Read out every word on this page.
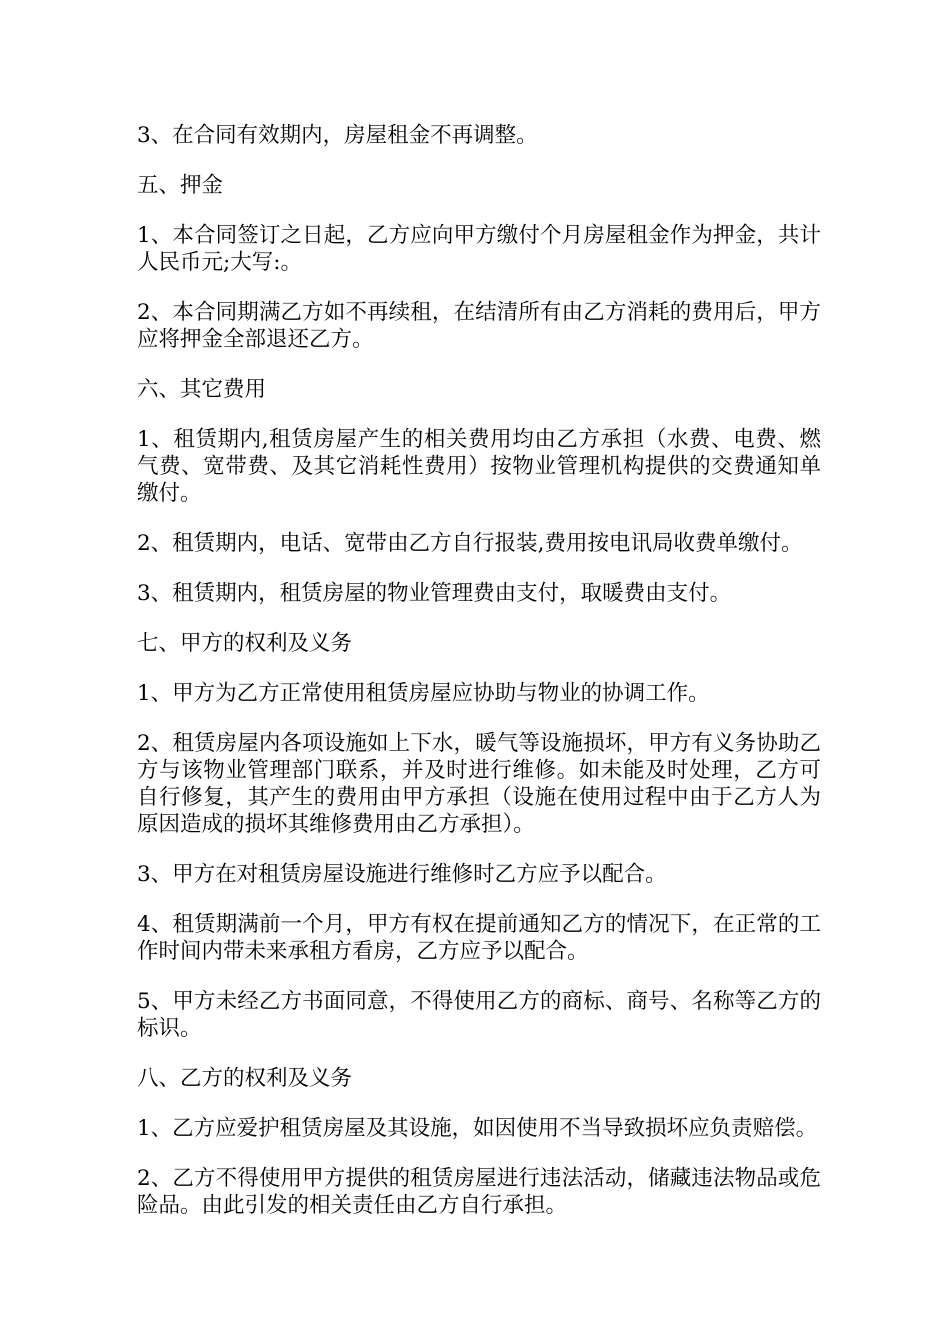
3、在合同有效期内，房屋租金不再调整。

五、押金

1、本合同签订之日起，乙方应向甲方缴付个月房屋租金作为押金，共计人民币元;大写:。

2、本合同期满乙方如不再续租，在结清所有由乙方消耗的费用后，甲方应将押金全部退还乙方。

六、其它费用

1、租赁期内,租赁房屋产生的相关费用均由乙方承担（水费、电费、燃气费、宽带费、及其它消耗性费用）按物业管理机构提供的交费通知单缴付。

2、租赁期内，电话、宽带由乙方自行报装,费用按电讯局收费单缴付。

3、租赁期内，租赁房屋的物业管理费由支付，取暖费由支付。

七、甲方的权利及义务

1、甲方为乙方正常使用租赁房屋应协助与物业的协调工作。

2、租赁房屋内各项设施如上下水，暖气等设施损坏，甲方有义务协助乙方与该物业管理部门联系，并及时进行维修。如未能及时处理，乙方可自行修复，其产生的费用由甲方承担（设施在使用过程中由于乙方人为原因造成的损坏其维修费用由乙方承担）。

3、甲方在对租赁房屋设施进行维修时乙方应予以配合。

4、租赁期满前一个月，甲方有权在提前通知乙方的情况下，在正常的工作时间内带未来承租方看房，乙方应予以配合。

5、甲方未经乙方书面同意，不得使用乙方的商标、商号、名称等乙方的标识。

八、乙方的权利及义务

1、乙方应爱护租赁房屋及其设施，如因使用不当导致损坏应负责赔偿。

2、乙方不得使用甲方提供的租赁房屋进行违法活动，储藏违法物品或危险品。由此引发的相关责任由乙方自行承担。
